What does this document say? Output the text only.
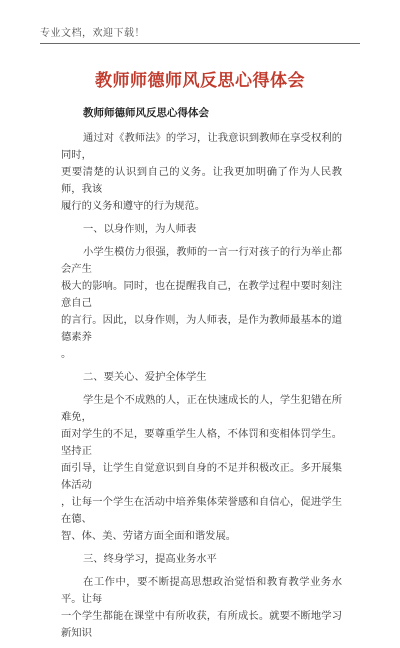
专业文档，欢迎下载！
教师师德师风反思心得体会
教师师德师风反思心得体会
通过对《教师法》的学习，让我意识到教师在享受权利的同时，
更要清楚的认识到自己的义务。让我更加明确了作为人民教师，我该
履行的义务和遵守的行为规范。
一、以身作则，为人师表
小学生模仿力很强，教师的一言一行对孩子的行为举止都会产生
极大的影响。同时，也在提醒我自己，在教学过程中要时刻注意自己
的言行。因此，以身作则，为人师表，是作为教师最基本的道德素养
。
二、要关心、爱护全体学生
学生是个不成熟的人，正在快速成长的人，学生犯错在所难免，
面对学生的不足，要尊重学生人格，不体罚和变相体罚学生。坚持正
面引导，让学生自觉意识到自身的不足并积极改正。多开展集体活动
，让每一个学生在活动中培养集体荣誉感和自信心，促进学生在德、
智、体、美、劳诸方面全面和谐发展。
三、终身学习，提高业务水平
在工作中，要不断提高思想政治觉悟和教育教学业务水平。让每
一个学生都能在课堂中有所收获，有所成长。就要不断地学习新知识
